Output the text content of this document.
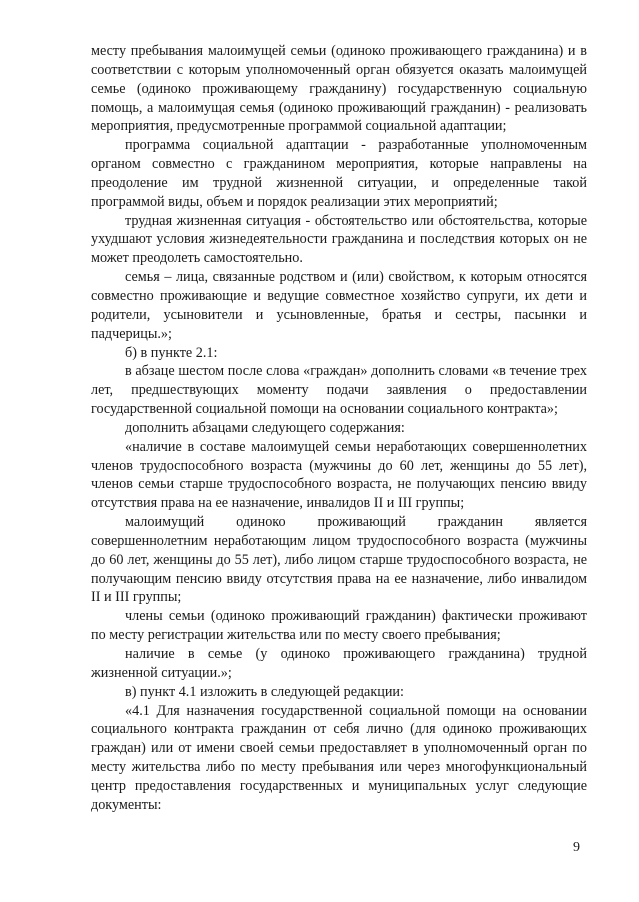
месту пребывания малоимущей семьи (одиноко проживающего гражданина) и в соответствии с которым уполномоченный орган обязуется оказать малоимущей семье (одиноко проживающему гражданину) государственную социальную помощь, а малоимущая семья (одиноко проживающий гражданин) - реализовать мероприятия, предусмотренные программой социальной адаптации;

программа социальной адаптации - разработанные уполномоченным органом совместно с гражданином мероприятия, которые направлены на преодоление им трудной жизненной ситуации, и определенные такой программой виды, объем и порядок реализации этих мероприятий;

трудная жизненная ситуация - обстоятельство или обстоятельства, которые ухудшают условия жизнедеятельности гражданина и последствия которых он не может преодолеть самостоятельно.

семья – лица, связанные родством и (или) свойством, к которым относятся совместно проживающие и ведущие совместное хозяйство супруги, их дети и родители, усыновители и усыновленные, братья и сестры, пасынки и падчерицы.»;

б) в пункте 2.1:

в абзаце шестом после слова «граждан» дополнить словами «в течение трех лет, предшествующих моменту подачи заявления о предоставлении государственной социальной помощи на основании социального контракта»;

дополнить абзацами следующего содержания:

«наличие в составе малоимущей семьи неработающих совершеннолетних членов трудоспособного возраста (мужчины до 60 лет, женщины до 55 лет), членов семьи старше трудоспособного возраста, не получающих пенсию ввиду отсутствия права на ее назначение, инвалидов II и III группы;

малоимущий одиноко проживающий гражданин является совершеннолетним неработающим лицом трудоспособного возраста (мужчины до 60 лет, женщины до 55 лет), либо лицом старше трудоспособного возраста, не получающим пенсию ввиду отсутствия права на ее назначение, либо инвалидом II и III группы;

члены семьи (одиноко проживающий гражданин) фактически проживают по месту регистрации жительства или по месту своего пребывания;

наличие в семье (у одиноко проживающего гражданина) трудной жизненной ситуации.»;

в) пункт 4.1 изложить в следующей редакции:

«4.1 Для назначения государственной социальной помощи на основании социального контракта гражданин от себя лично (для одиноко проживающих граждан) или от имени своей семьи предоставляет в уполномоченный орган по месту жительства либо по месту пребывания или через многофункциональный центр предоставления государственных и муниципальных услуг следующие документы:

9
